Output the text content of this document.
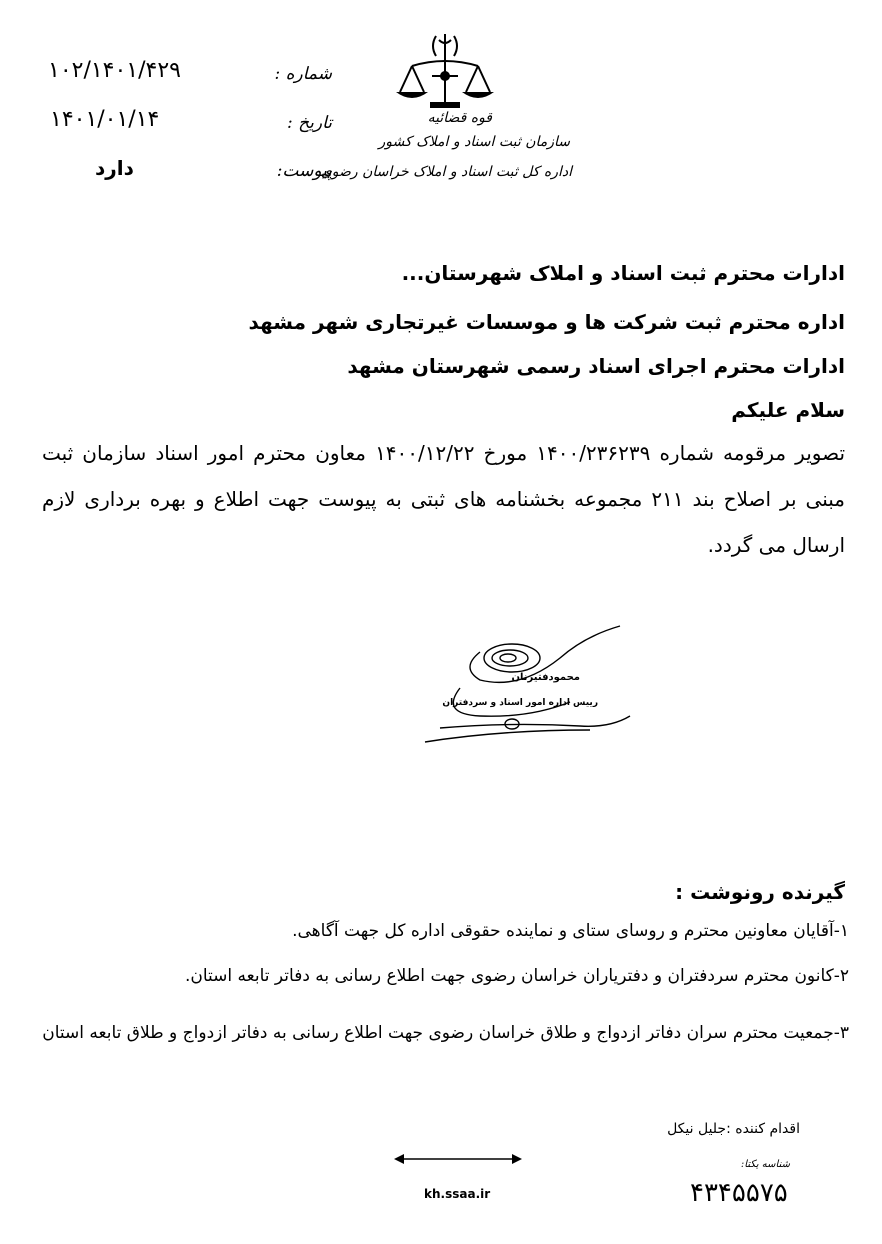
۱۰۲/۱۴۰۱/۴۲۹
۱۴۰۱/۰۱/۱۴
دارد
شماره :
تاریخ :
پیوست:
قوه قضائیه
سازمان ثبت اسناد و املاک کشور
اداره کل ثبت اسناد و املاک خراسان رضوی
ادارات محترم ثبت اسناد و املاک شهرستان...
اداره محترم ثبت شرکت ها و موسسات غیرتجاری شهر مشهد
ادارات محترم اجرای اسناد رسمی شهرستان مشهد
سلام علیکم
تصویر مرقومه شماره ۱۴۰۰/۲۳۶۲۳۹ مورخ ۱۴۰۰/۱۲/۲۲ معاون محترم امور اسناد سازمان ثبت مبنی بر اصلاح بند ۲۱۱ مجموعه بخشنامه های ثبتی به پیوست جهت اطلاع و بهره برداری لازم ارسال می گردد.
محمودفتیرنان
رییس اداره امور اسناد و سردفتران
گیرنده رونوشت :
۱-آقایان معاونین محترم و روسای ستای و نماینده حقوقی اداره کل جهت آگاهی.
۲-کانون محترم سردفتران و دفتریاران خراسان رضوی جهت اطلاع رسانی به دفاتر تابعه استان.
۳-جمعیت محترم سران دفاتر ازدواج و طلاق خراسان رضوی جهت اطلاع رسانی به دفاتر ازدواج و طلاق تابعه استان
اقدام کننده :جلیل نیکل
شناسه یکتا:
۴۳۴۵۵۷۵
kh.ssaa.ir
